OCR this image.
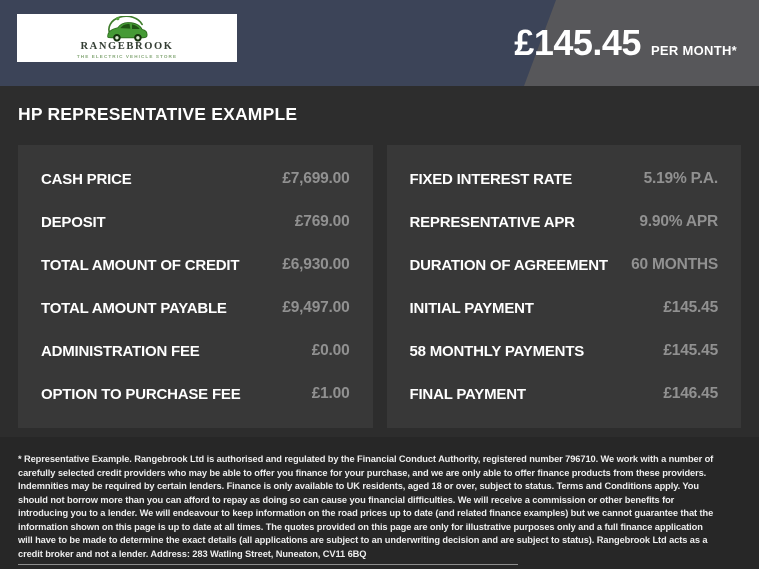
RANGEBROOK
THE ELECTRIC VEHICLE STORE	£145.45 PER MONTH*
HP REPRESENTATIVE EXAMPLE
CASH PRICE	£7,699.00
DEPOSIT	£769.00
TOTAL AMOUNT OF CREDIT	£6,930.00
TOTAL AMOUNT PAYABLE	£9,497.00
ADMINISTRATION FEE	£0.00
OPTION TO PURCHASE FEE	£1.00
FIXED INTEREST RATE	5.19% P.A.
REPRESENTATIVE APR	9.90% APR
DURATION OF AGREEMENT 60 MONTHS
INITIAL PAYMENT	£145.45
58 MONTHLY PAYMENTS	£145.45
FINAL PAYMENT	£146.45
* Representative Example. Rangebrook Ltd is authorised and regulated by the Financial Conduct Authority, registered number 796710. We work with a number of carefully selected credit providers who may be able to offer you finance for your purchase, and we are only able to offer finance products from these providers. Indemnities may be required by certain lenders. Finance is only available to UK residents, aged 18 or over, subject to status. Terms and Conditions apply. You should not borrow more than you can afford to repay as doing so can cause you financial difficulties. We will receive a commission or other benefits for introducing you to a lender. We will endeavour to keep information on the road prices up to date (and related finance examples) but we cannot guarantee that the information shown on this page is up to date at all times. The quotes provided on this page are only for illustrative purposes only and a full finance application will have to be made to determine the exact details (all applications are subject to an underwriting decision and are subject to status). Rangebrook Ltd acts as a credit broker and not a lender. Address: 283 Watling Street, Nuneaton, CV11 6BQ
